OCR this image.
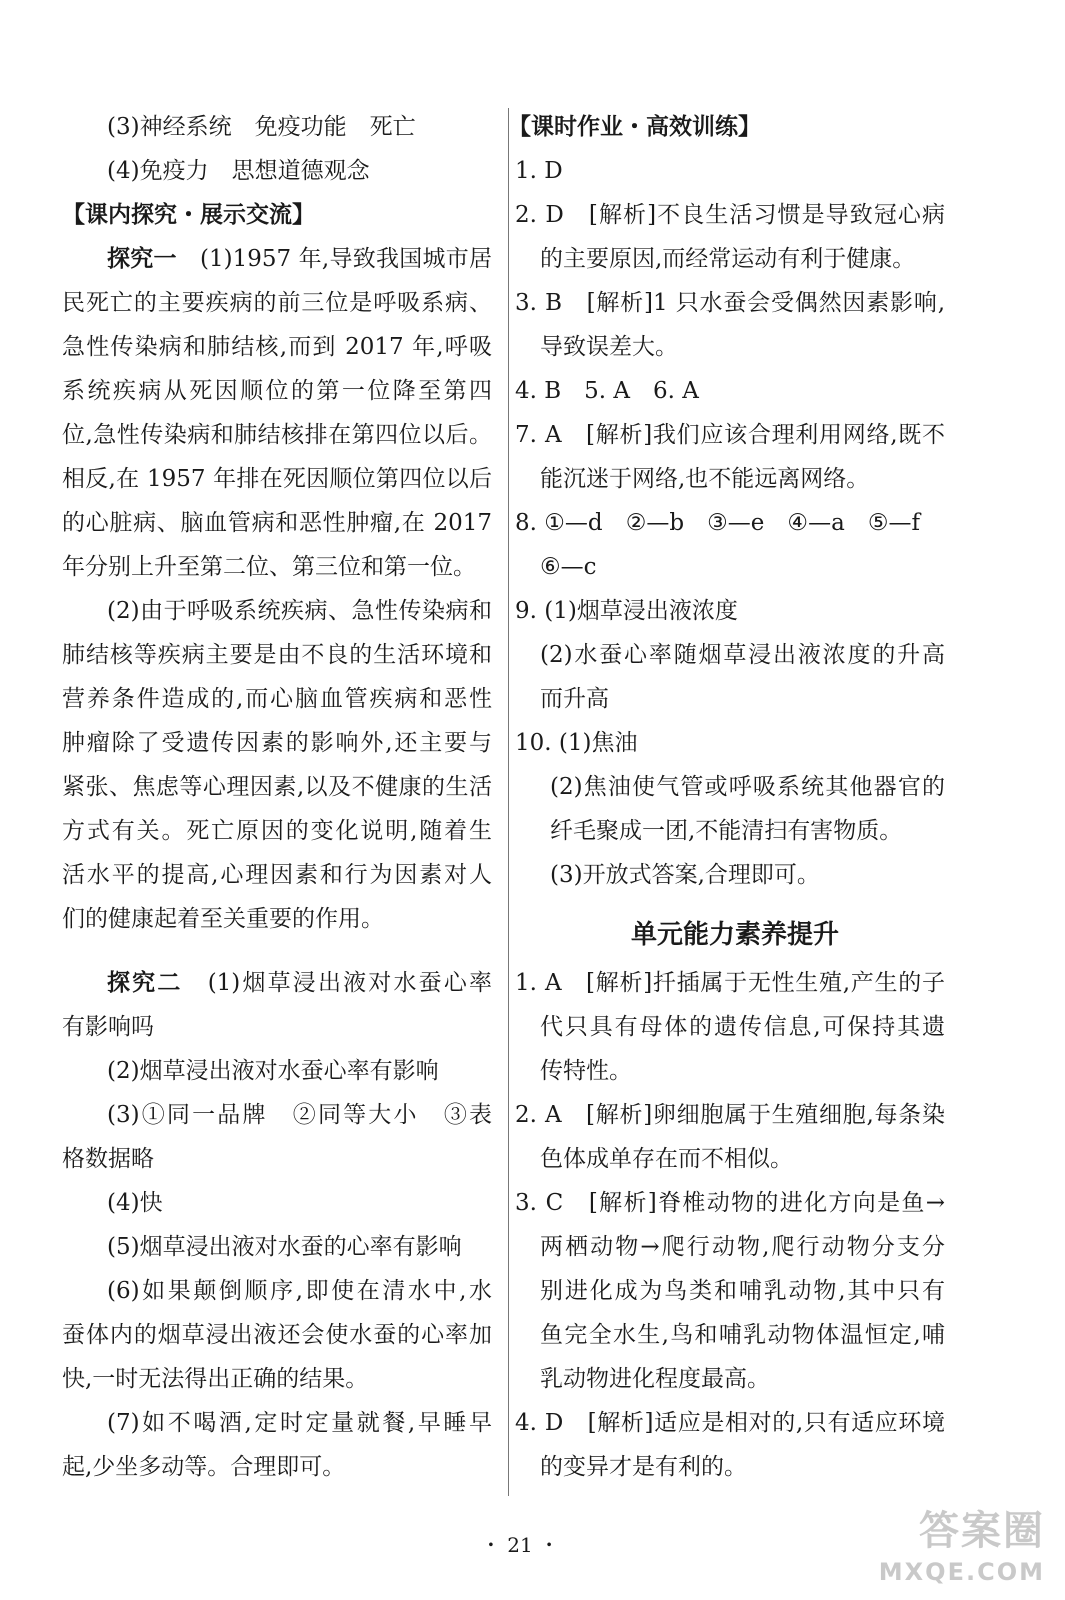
(3)神经系统　免疫功能　死亡
(4)免疫力　思想道德观念
【课内探究・展示交流】
探究一　(1)1957 年,导致我国城市居
民死亡的主要疾病的前三位是呼吸系病、
急性传染病和肺结核,而到 2017 年,呼吸
系统疾病从死因顺位的第一位降至第四
位,急性传染病和肺结核排在第四位以后。
相反,在 1957 年排在死因顺位第四位以后
的心脏病、脑血管病和恶性肿瘤,在 2017
年分别上升至第二位、第三位和第一位。
(2)由于呼吸系统疾病、急性传染病和
肺结核等疾病主要是由不良的生活环境和
营养条件造成的,而心脑血管疾病和恶性
肿瘤除了受遗传因素的影响外,还主要与
紧张、焦虑等心理因素,以及不健康的生活
方式有关。死亡原因的变化说明,随着生
活水平的提高,心理因素和行为因素对人
们的健康起着至关重要的作用。
探究二　(1)烟草浸出液对水蚕心率
有影响吗
(2)烟草浸出液对水蚕心率有影响
(3)①同一品牌　②同等大小　③表
格数据略
(4)快
(5)烟草浸出液对水蚕的心率有影响
(6)如果颠倒顺序,即使在清水中,水
蚕体内的烟草浸出液还会使水蚕的心率加
快,一时无法得出正确的结果。
(7)如不喝酒,定时定量就餐,早睡早
起,少坐多动等。合理即可。
【课时作业・高效训练】
1. D
2. D　[解析]不良生活习惯是导致冠心病
的主要原因,而经常运动有利于健康。
3. B　[解析]1 只水蚕会受偶然因素影响,
导致误差大。
4. B　5. A　6. A
7. A　[解析]我们应该合理利用网络,既不
能沉迷于网络,也不能远离网络。
8. ①—d　②—b　③—e　④—a　⑤—f
⑥—c
9. (1)烟草浸出液浓度
(2)水蚕心率随烟草浸出液浓度的升高
而升高
10. (1)焦油
(2)焦油使气管或呼吸系统其他器官的
纤毛聚成一团,不能清扫有害物质。
(3)开放式答案,合理即可。
1. A　[解析]扦插属于无性生殖,产生的子
代只具有母体的遗传信息,可保持其遗
传特性。
2. A　[解析]卵细胞属于生殖细胞,每条染
色体成单存在而不相似。
3. C　[解析]脊椎动物的进化方向是鱼→
两栖动物→爬行动物,爬行动物分支分
别进化成为鸟类和哺乳动物,其中只有
鱼完全水生,鸟和哺乳动物体温恒定,哺
乳动物进化程度最高。
4. D　[解析]适应是相对的,只有适应环境
的变异才是有利的。
单元能力素养提升
・ 21 ・	答案圈
MXQE.COM
